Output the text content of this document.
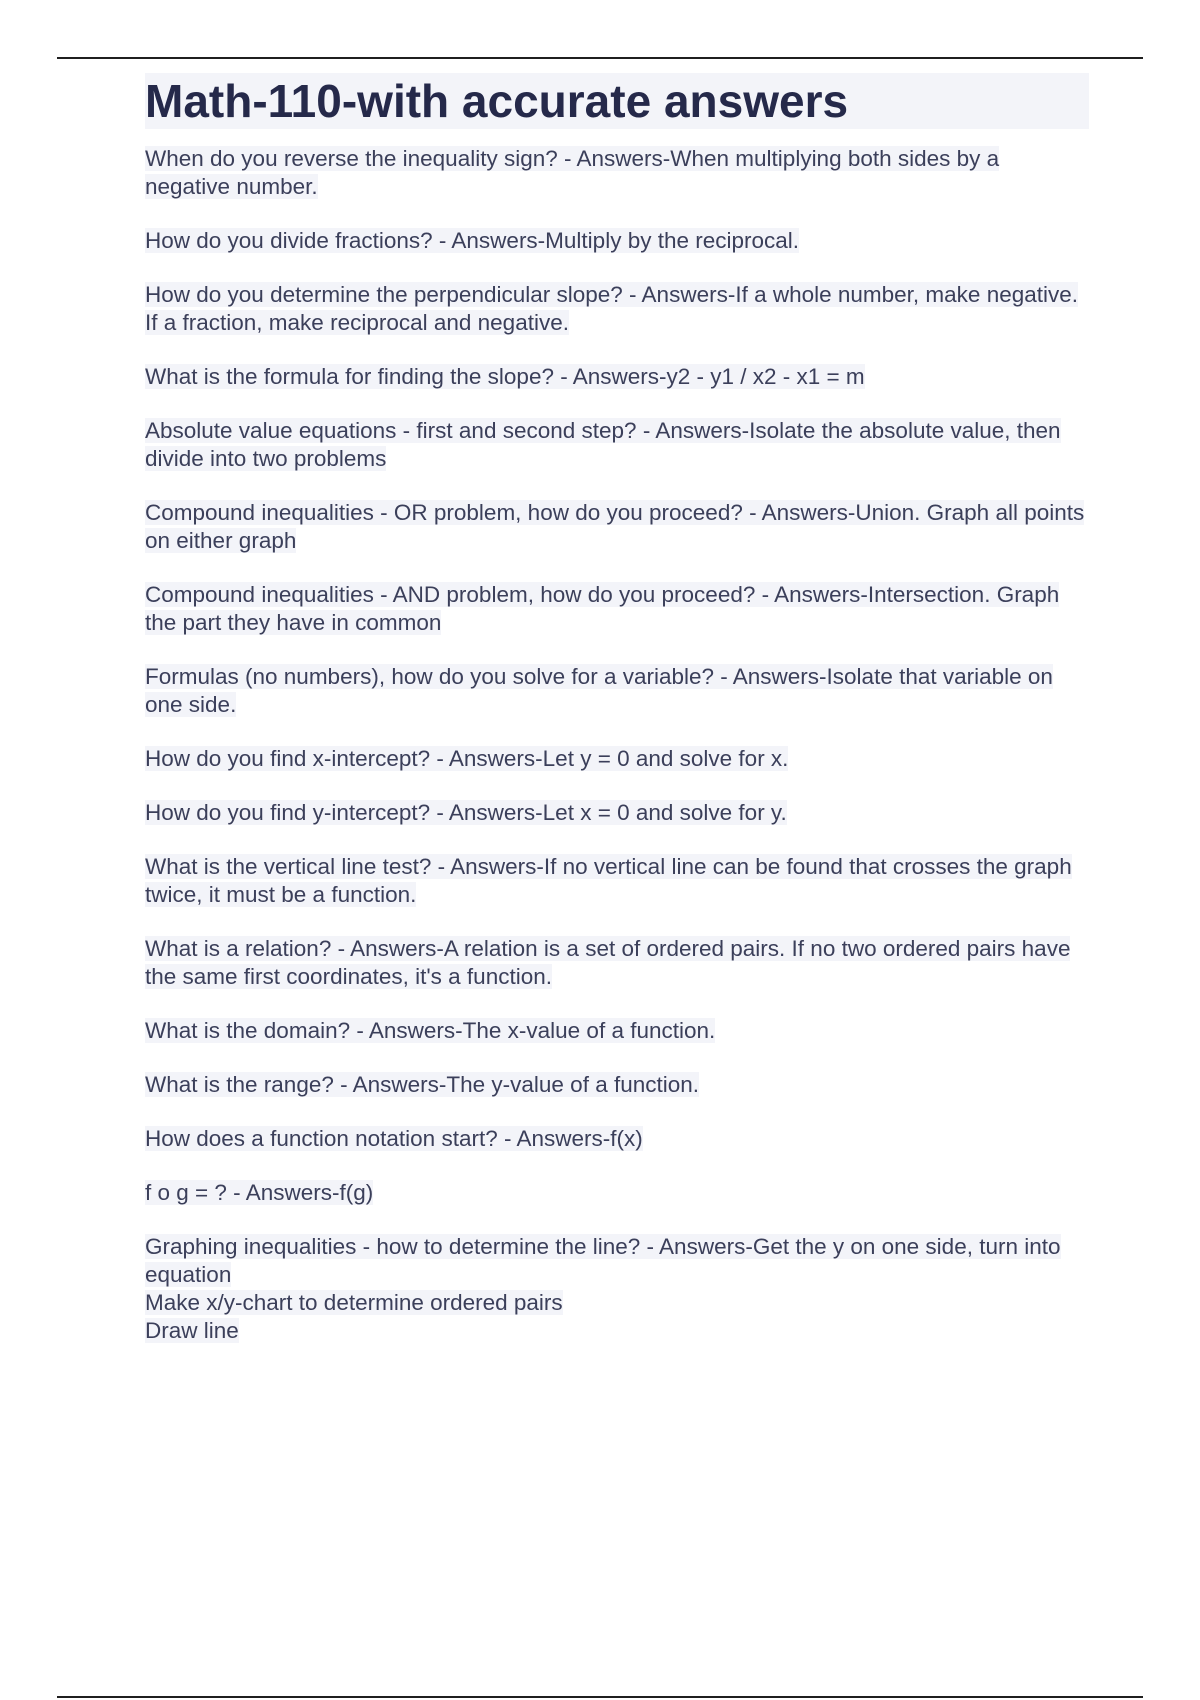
Math-110-with accurate answers
When do you reverse the inequality sign? - Answers-When multiplying both sides by a negative number.
How do you divide fractions? - Answers-Multiply by the reciprocal.
How do you determine the perpendicular slope? - Answers-If a whole number, make negative. If a fraction, make reciprocal and negative.
What is the formula for finding the slope? - Answers-y2 - y1 / x2 - x1 = m
Absolute value equations - first and second step? - Answers-Isolate the absolute value, then divide into two problems
Compound inequalities - OR problem, how do you proceed? - Answers-Union. Graph all points on either graph
Compound inequalities - AND problem, how do you proceed? - Answers-Intersection. Graph the part they have in common
Formulas (no numbers), how do you solve for a variable? - Answers-Isolate that variable on one side.
How do you find x-intercept? - Answers-Let y = 0 and solve for x.
How do you find y-intercept? - Answers-Let x = 0 and solve for y.
What is the vertical line test? - Answers-If no vertical line can be found that crosses the graph twice, it must be a function.
What is a relation? - Answers-A relation is a set of ordered pairs. If no two ordered pairs have the same first coordinates, it's a function.
What is the domain? - Answers-The x-value of a function.
What is the range? - Answers-The y-value of a function.
How does a function notation start? - Answers-f(x)
f o g = ? - Answers-f(g)
Graphing inequalities - how to determine the line? - Answers-Get the y on one side, turn into equation
Make x/y-chart to determine ordered pairs
Draw line
